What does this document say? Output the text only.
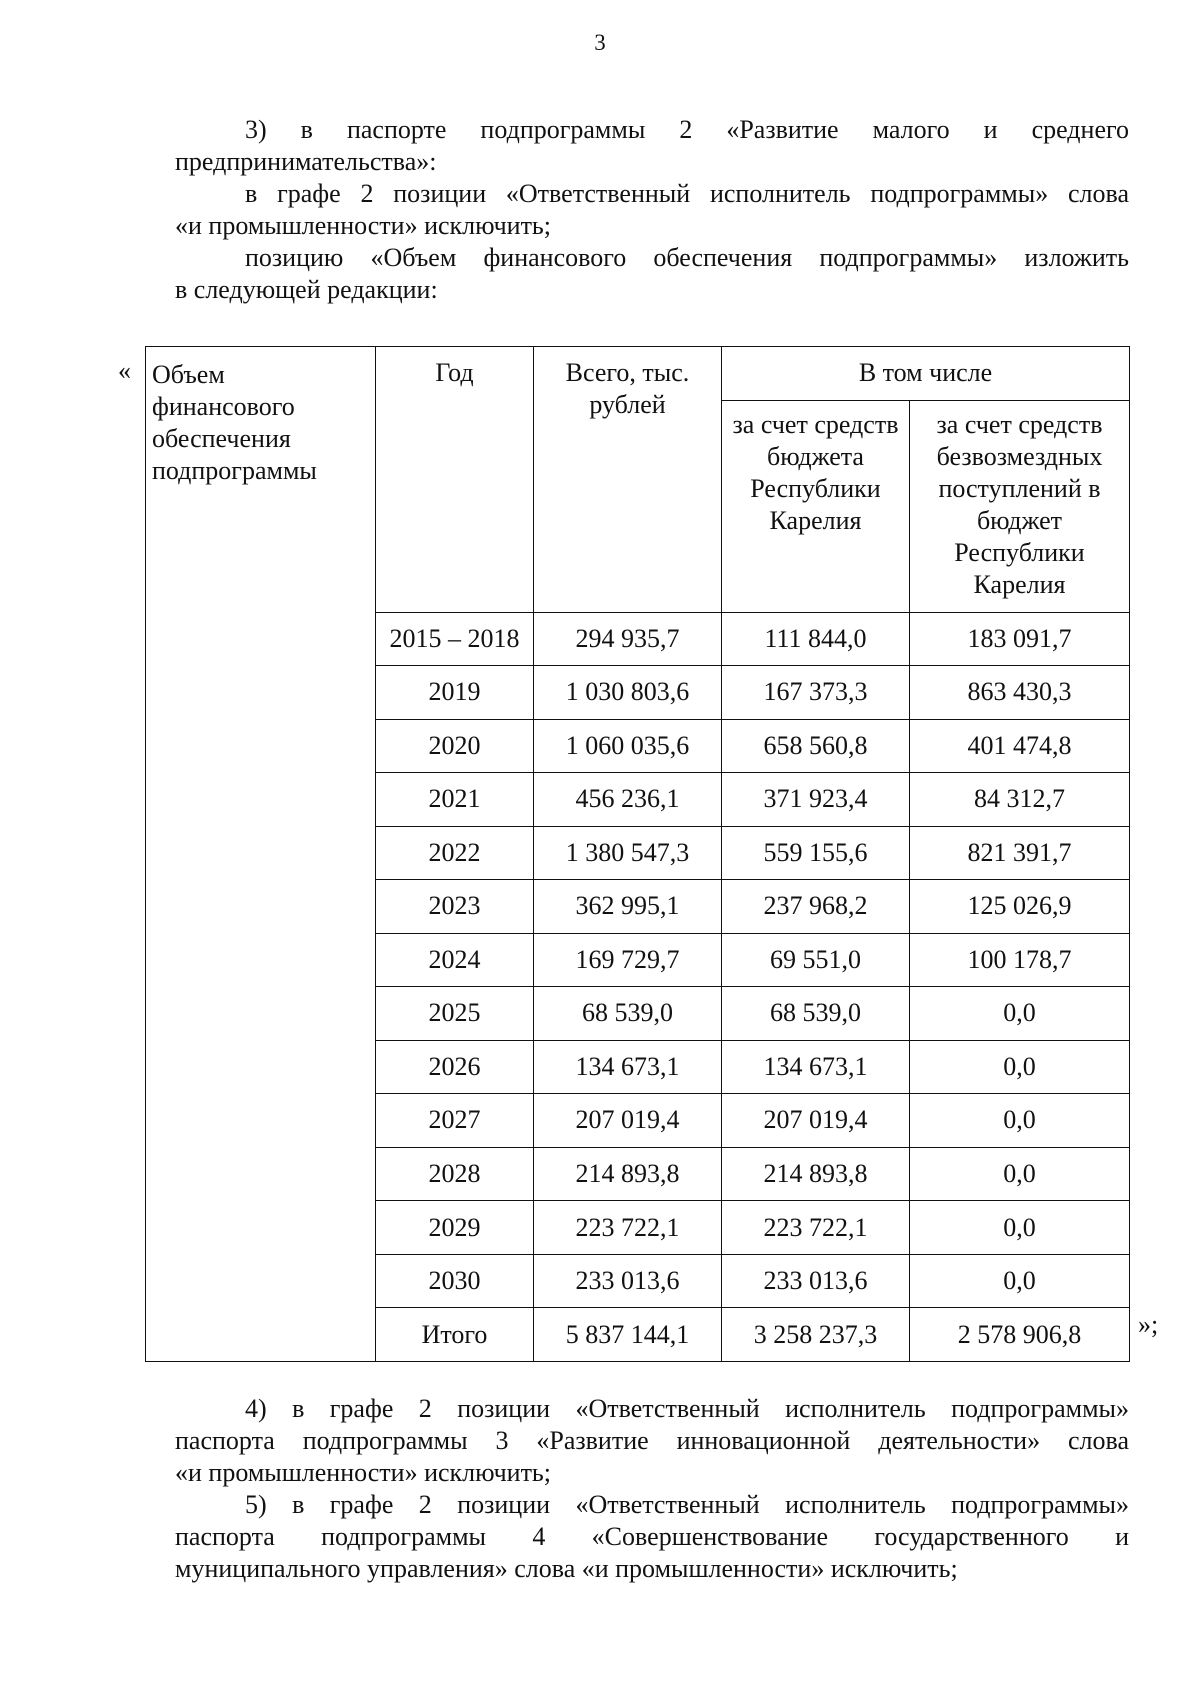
3
3) в паспорте подпрограммы 2 «Развитие малого и среднего
предпринимательства»:
в графе 2 позиции «Ответственный исполнитель подпрограммы» слова
«и промышленности» исключить;
позицию «Объем финансового обеспечения подпрограммы» изложить
в следующей редакции:
« Объем финансового обеспечения подпрограммы	Год	Всего, тыс. рублей	В том числе	
			за счет средств бюджета Республики Карелия	за счет средств безвозмездных поступлений в бюджет Республики Карелия
	2015 – 2018	294 935,7	111 844,0	183 091,7
	2019	1 030 803,6	167 373,3	863 430,3
	2020	1 060 035,6	658 560,8	401 474,8
	2021	456 236,1	371 923,4	84 312,7
	2022	1 380 547,3	559 155,6	821 391,7
	2023	362 995,1	237 968,2	125 026,9
	2024	169 729,7	69 551,0	100 178,7
	2025	68 539,0	68 539,0	0,0
	2026	134 673,1	134 673,1	0,0
	2027	207 019,4	207 019,4	0,0
	2028	214 893,8	214 893,8	0,0
	2029	223 722,1	223 722,1	0,0
	2030	233 013,6	233 013,6	0,0
	Итого	5 837 144,1	3 258 237,3	2 578 906,8 »;
4) в графе 2 позиции «Ответственный исполнитель подпрограммы»
паспорта подпрограммы 3 «Развитие инновационной деятельности» слова
«и промышленности» исключить;
5) в графе 2 позиции «Ответственный исполнитель подпрограммы»
паспорта подпрограммы 4 «Совершенствование государственного и
муниципального управления» слова «и промышленности» исключить;
